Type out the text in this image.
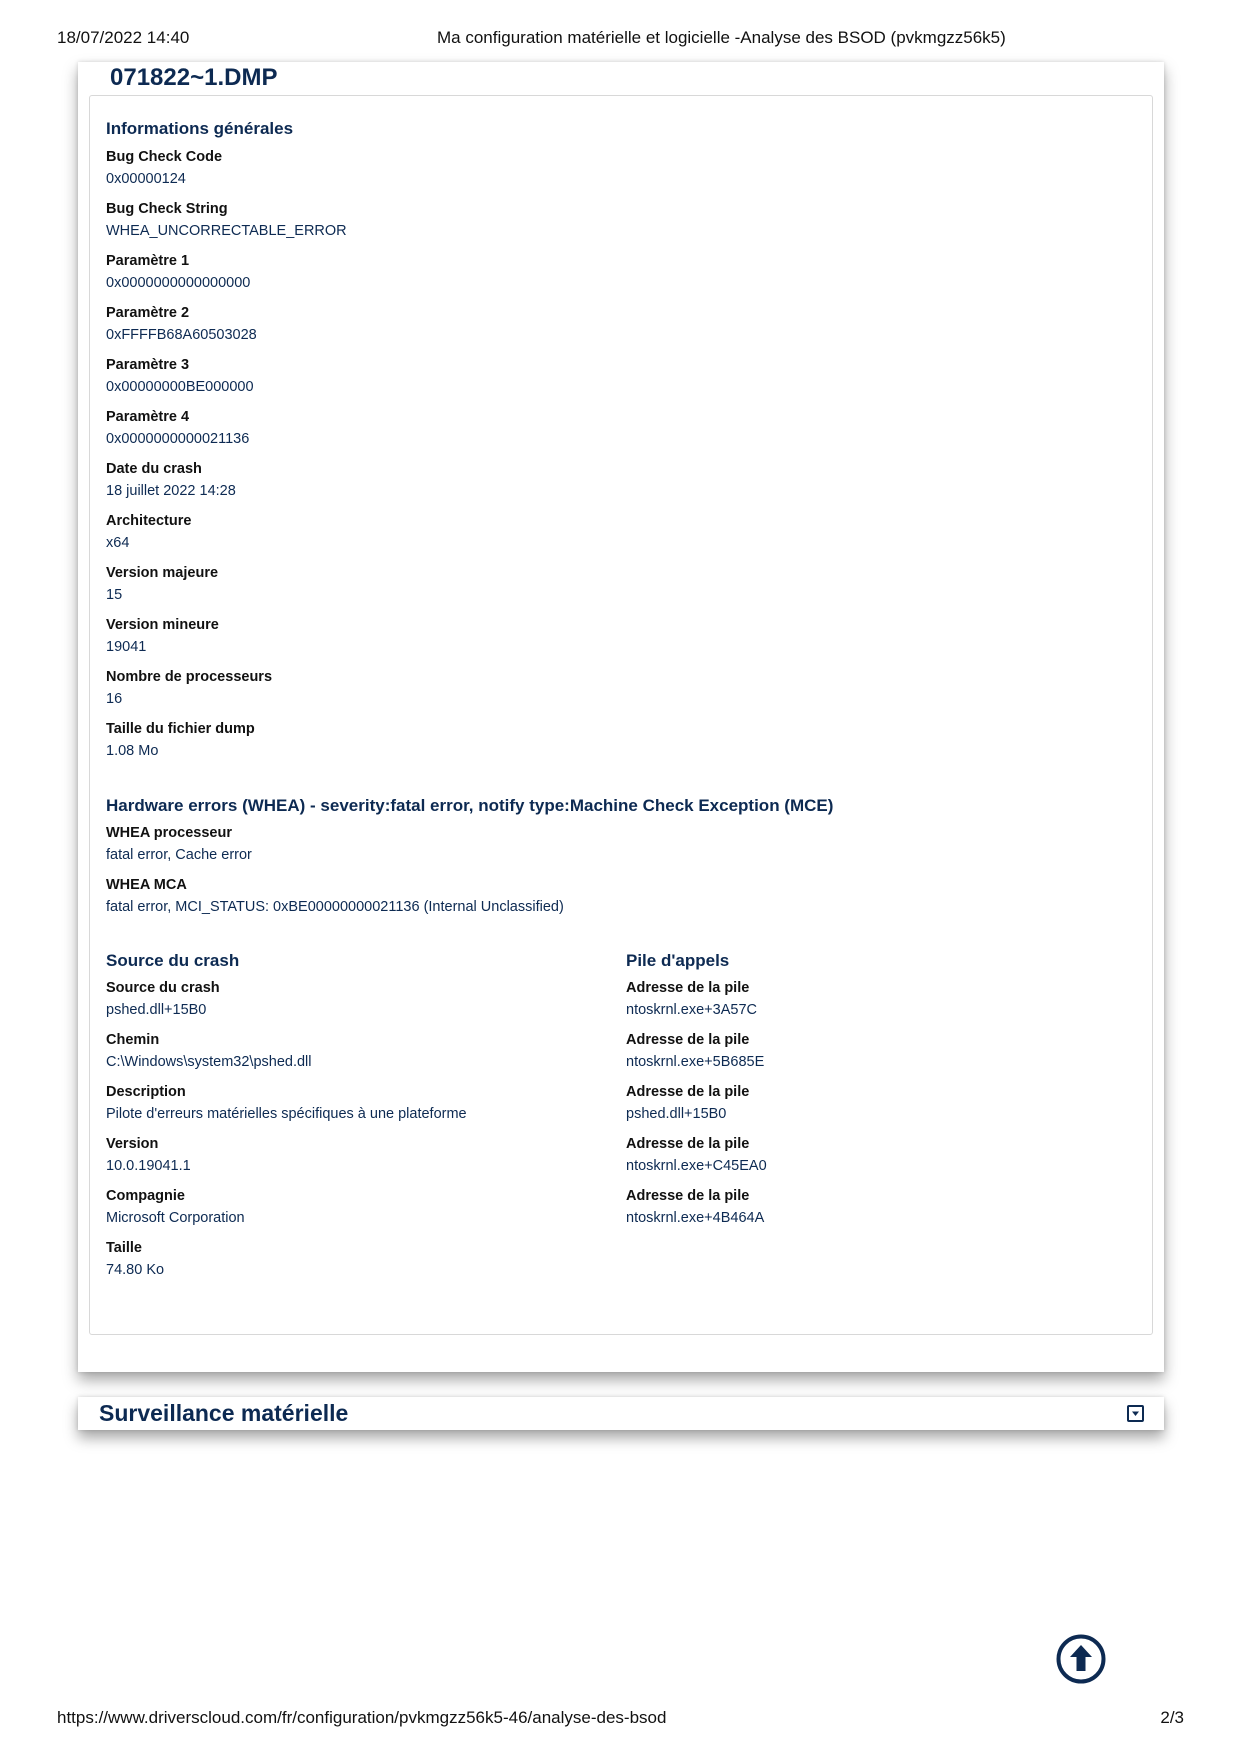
18/07/2022 14:40	Ma configuration matérielle et logicielle -Analyse des BSOD (pvkmgzz56k5)
071822~1.DMP
Informations générales
Bug Check Code
0x00000124
Bug Check String
WHEA_UNCORRECTABLE_ERROR
Paramètre 1
0x0000000000000000
Paramètre 2
0xFFFFB68A60503028
Paramètre 3
0x00000000BE000000
Paramètre 4
0x0000000000021136
Date du crash
18 juillet 2022 14:28
Architecture
x64
Version majeure
15
Version mineure
19041
Nombre de processeurs
16
Taille du fichier dump
1.08 Mo
Hardware errors (WHEA) - severity:fatal error, notify type:Machine Check Exception (MCE)
WHEA processeur
fatal error, Cache error
WHEA MCA
fatal error, MCI_STATUS: 0xBE00000000021136 (Internal Unclassified)
Source du crash
Source du crash
pshed.dll+15B0
Chemin
C:\Windows\system32\pshed.dll
Description
Pilote d'erreurs matérielles spécifiques à une plateforme
Version
10.0.19041.1
Compagnie
Microsoft Corporation
Taille
74.80 Ko
Pile d'appels
Adresse de la pile
ntoskrnl.exe+3A57C
Adresse de la pile
ntoskrnl.exe+5B685E
Adresse de la pile
pshed.dll+15B0
Adresse de la pile
ntoskrnl.exe+C45EA0
Adresse de la pile
ntoskrnl.exe+4B464A
Surveillance matérielle
https://www.driverscloud.com/fr/configuration/pvkmgzz56k5-46/analyse-des-bsod	2/3
